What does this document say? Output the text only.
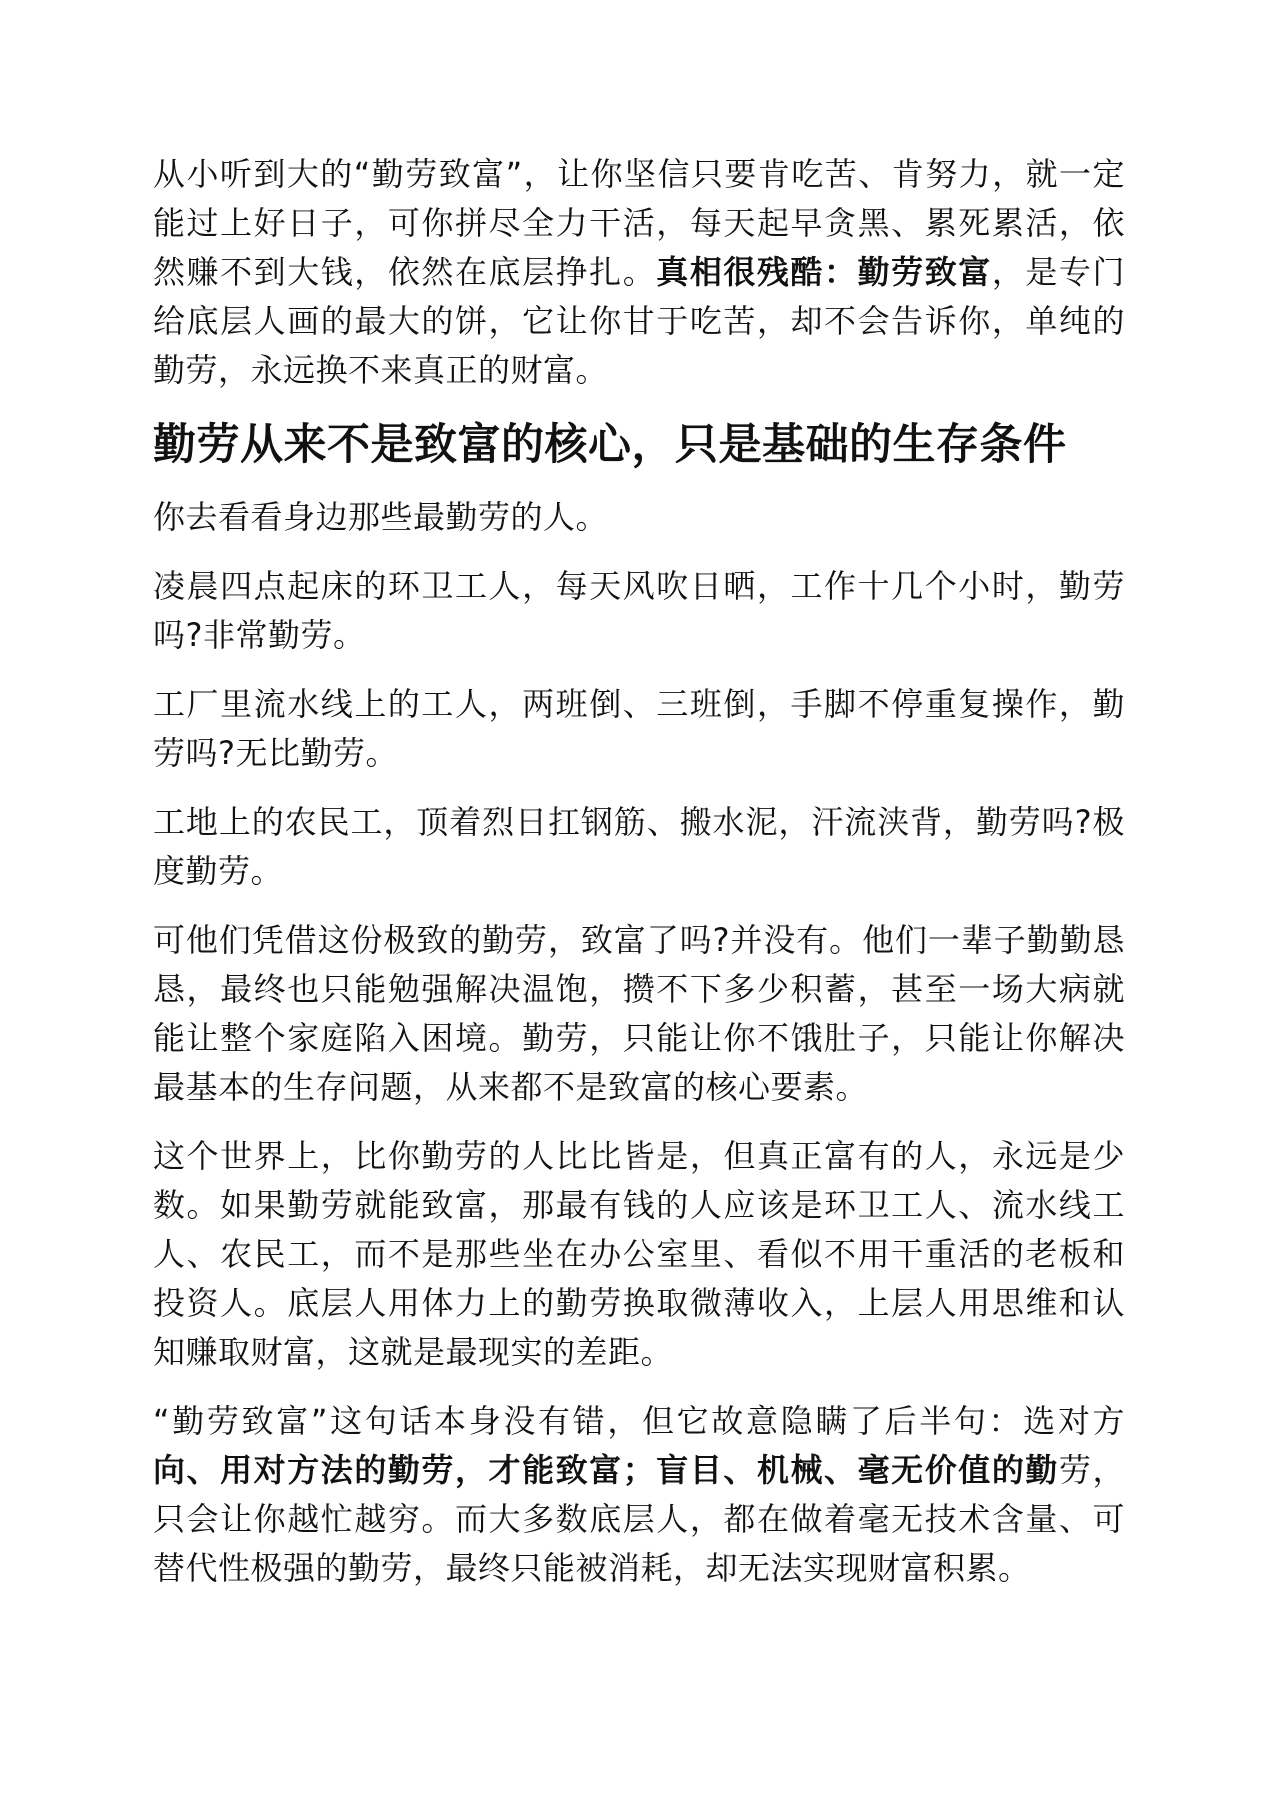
从小听到大的“勤劳致富”，让你坚信只要肯吃苦、肯努力，就一定能过上好日子，可你拼尽全力干活，每天起早贪黑、累死累活，依然赚不到大钱，依然在底层挣扎。真相很残酷：勤劳致富，是专门给底层人画的最大的饼，它让你甘于吃苦，却不会告诉你，单纯的勤劳，永远换不来真正的财富。

勤劳从来不是致富的核心，只是基础的生存条件

你去看看身边那些最勤劳的人。

凌晨四点起床的环卫工人，每天风吹日晒，工作十几个小时，勤劳吗?非常勤劳。

工厂里流水线上的工人，两班倒、三班倒，手脚不停重复操作，勤劳吗?无比勤劳。

工地上的农民工，顶着烈日扛钢筋、搬水泥，汗流浃背，勤劳吗?极度勤劳。

可他们凭借这份极致的勤劳，致富了吗?并没有。他们一辈子勤勤恳恳，最终也只能勉强解决温饱，攒不下多少积蓄，甚至一场大病就能让整个家庭陷入困境。勤劳，只能让你不饿肚子，只能让你解决最基本的生存问题，从来都不是致富的核心要素。

这个世界上，比你勤劳的人比比皆是，但真正富有的人，永远是少数。如果勤劳就能致富，那最有钱的人应该是环卫工人、流水线工人、农民工，而不是那些坐在办公室里、看似不用干重活的老板和投资人。底层人用体力上的勤劳换取微薄收入，上层人用思维和认知赚取财富，这就是最现实的差距。

“勤劳致富”这句话本身没有错，但它故意隐瞒了后半句：选对方向、用对方法的勤劳，才能致富；盲目、机械、毫无价值的勤劳，只会让你越忙越穷。而大多数底层人，都在做着毫无技术含量、可替代性极强的勤劳，最终只能被消耗，却无法实现财富积累。
